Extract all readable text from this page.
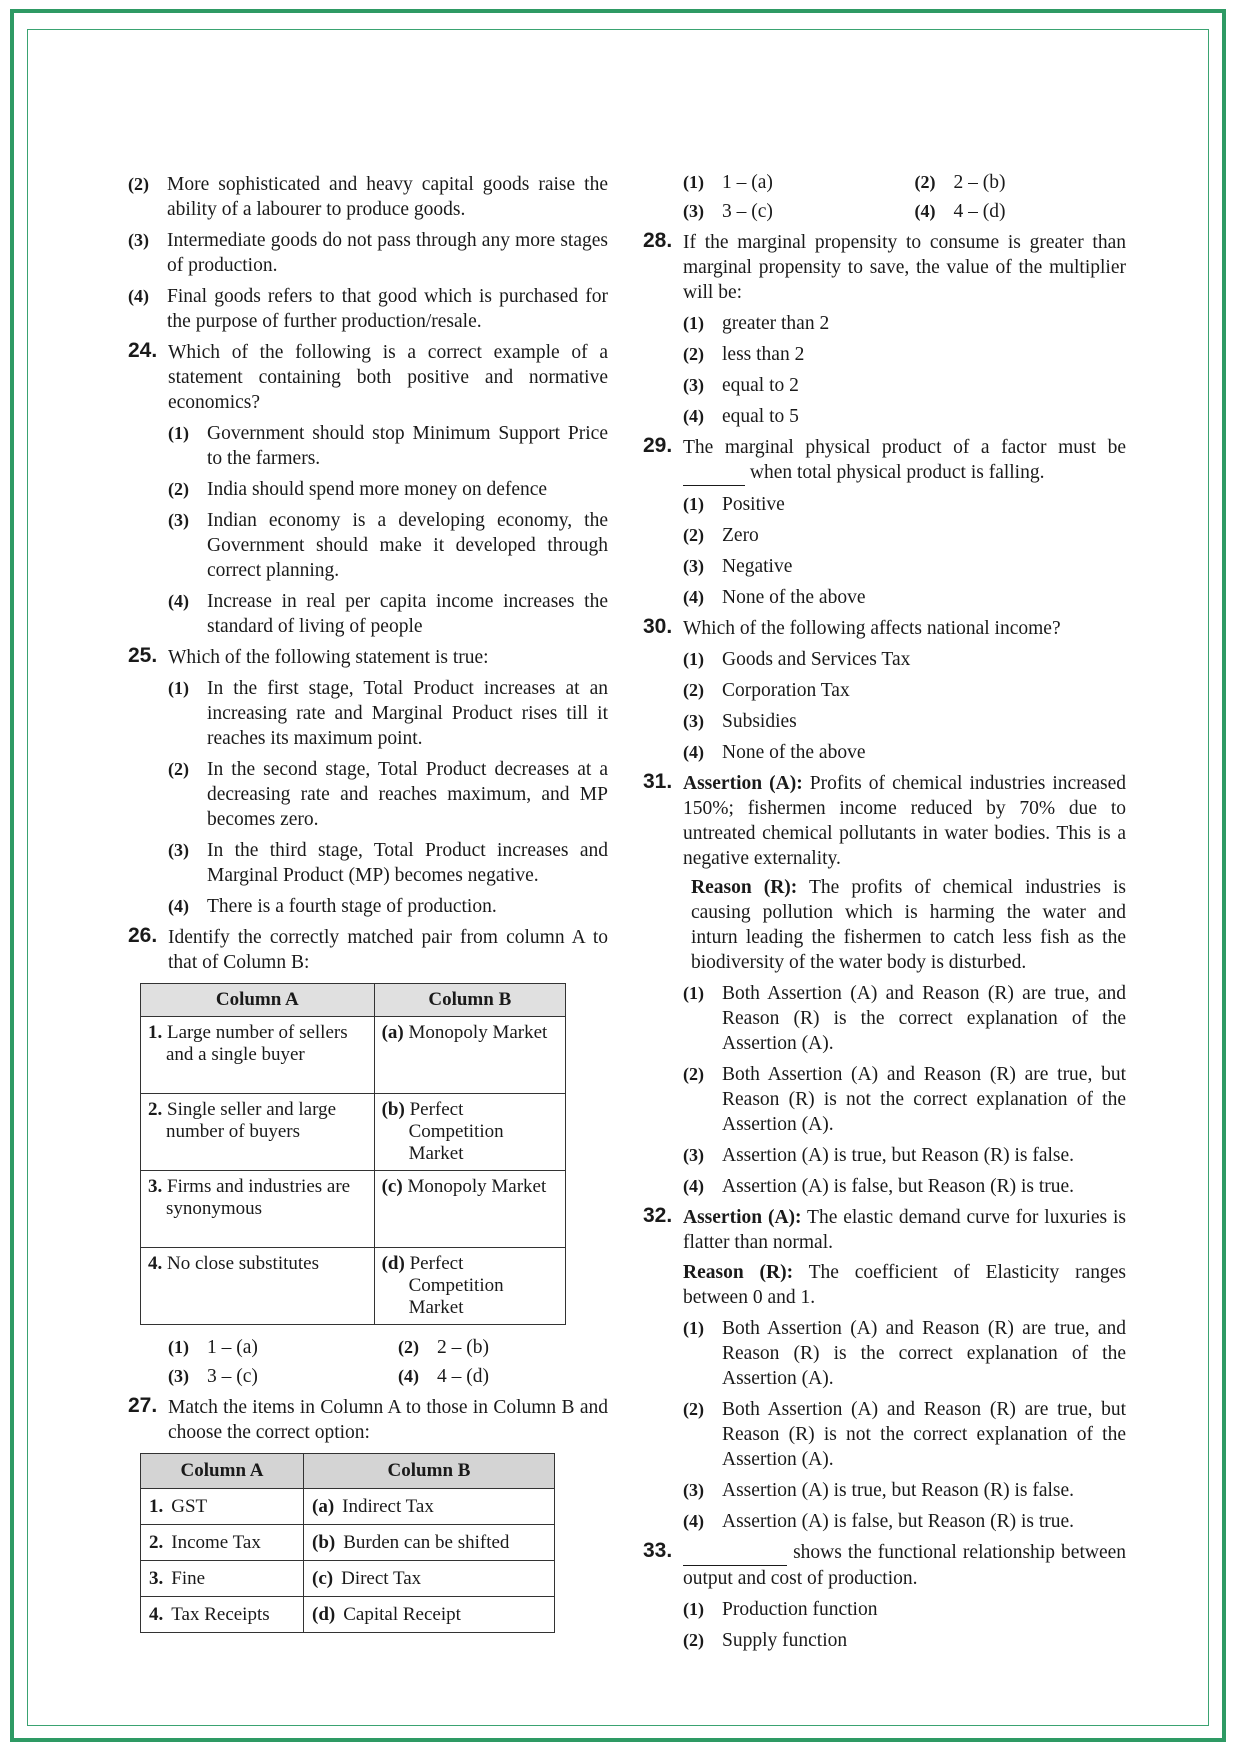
(2) More sophisticated and heavy capital goods raise the ability of a labourer to produce goods.
(3) Intermediate goods do not pass through any more stages of production.
(4) Final goods refers to that good which is purchased for the purpose of further production/resale.
24. Which of the following is a correct example of a statement containing both positive and normative economics?
(1) Government should stop Minimum Support Price to the farmers.
(2) India should spend more money on defence
(3) Indian economy is a developing economy, the Government should make it developed through correct planning.
(4) Increase in real per capita income increases the standard of living of people
25. Which of the following statement is true:
(1) In the first stage, Total Product increases at an increasing rate and Marginal Product rises till it reaches its maximum point.
(2) In the second stage, Total Product decreases at a decreasing rate and reaches maximum, and MP becomes zero.
(3) In the third stage, Total Product increases and Marginal Product (MP) becomes negative.
(4) There is a fourth stage of production.
26. Identify the correctly matched pair from column A to that of Column B:
Column A	Column B

1. Large number of sellers and a single buyer	(a) Monopoly Market

2. Single seller and large number of buyers	(b) Perfect Competition Market

3. Firms and industries are synonymous	(c) Monopoly Market

4. No close substitutes	(d) Perfect Competition Market
(1) 1 – (a)	(2) 2 – (b)
(3) 3 – (c)	(4) 4 – (d)
27. Match the items in Column A to those in Column B and choose the correct option:
Column A	Column B
1. GST	(a) Indirect Tax
2. Income Tax	(b) Burden can be shifted
3. Fine	(c) Direct Tax
4. Tax Receipts	(d) Capital Receipt
(1) 1 – (a)	(2) 2 – (b)
(3) 3 – (c)	(4) 4 – (d)
28. If the marginal propensity to consume is greater than marginal propensity to save, the value of the multiplier will be:
(1) greater than 2
(2) less than 2
(3) equal to 2
(4) equal to 5
29. The marginal physical product of a factor must be   when total physical product is falling.
(1) Positive
(2) Zero
(3) Negative
(4) None of the above
30. Which of the following affects national income?
(1) Goods and Services Tax
(2) Corporation Tax
(3) Subsidies
(4) None of the above
31. Assertion (A): Profits of chemical industries increased 150%; fishermen income reduced by 70% due to untreated chemical pollutants in water bodies. This is a negative externality.
Reason (R): The profits of chemical industries is causing pollution which is harming the water and inturn leading the fishermen to catch less fish as the biodiversity of the water body is disturbed.
(1) Both Assertion (A) and Reason (R) are true, and Reason (R) is the correct explanation of the Assertion (A).
(2) Both Assertion (A) and Reason (R) are true, but Reason (R) is not the correct explanation of the Assertion (A).
(3) Assertion (A) is true, but Reason (R) is false.
(4) Assertion (A) is false, but Reason (R) is true.
32. Assertion (A): The elastic demand curve for luxuries is flatter than normal.
Reason (R): The coefficient of Elasticity ranges between 0 and 1.
(1) Both Assertion (A) and Reason (R) are true, and Reason (R) is the correct explanation of the Assertion (A).
(2) Both Assertion (A) and Reason (R) are true, but Reason (R) is not the correct explanation of the Assertion (A).
(3) Assertion (A) is true, but Reason (R) is false.
(4) Assertion (A) is false, but Reason (R) is true.
33.	shows the functional relationship between output and cost of production.
(1) Production function
(2) Supply function
